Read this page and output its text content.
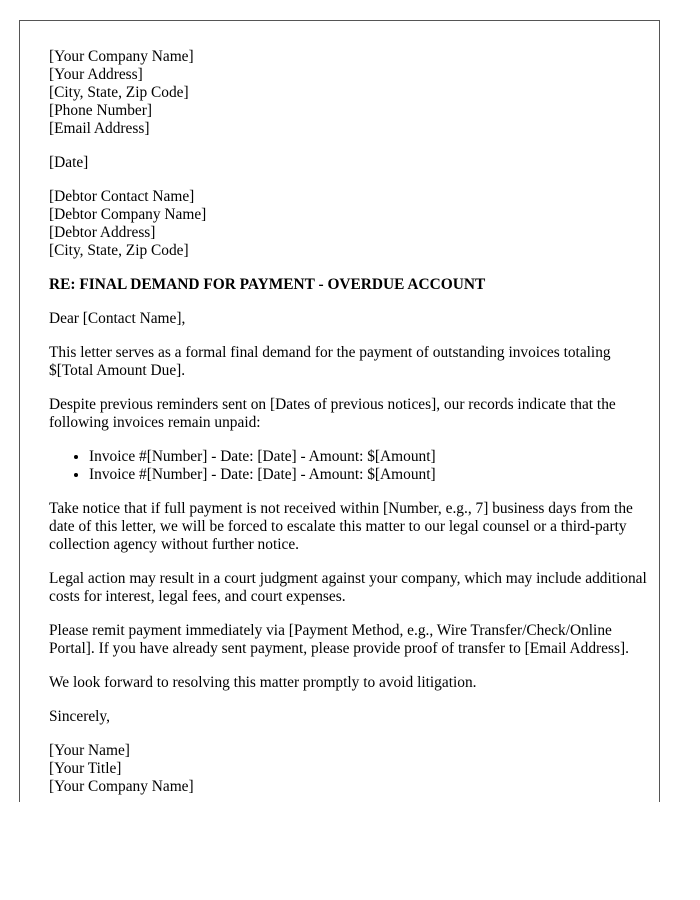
[Your Company Name]
[Your Address]
[City, State, Zip Code]
[Phone Number]
[Email Address]

[Date]

[Debtor Contact Name]
[Debtor Company Name]
[Debtor Address]
[City, State, Zip Code]

RE: FINAL DEMAND FOR PAYMENT - OVERDUE ACCOUNT

Dear [Contact Name],

This letter serves as a formal final demand for the payment of outstanding invoices totaling $[Total Amount Due].

Despite previous reminders sent on [Dates of previous notices], our records indicate that the following invoices remain unpaid:

• Invoice #[Number] - Date: [Date] - Amount: $[Amount]
• Invoice #[Number] - Date: [Date] - Amount: $[Amount]

Take notice that if full payment is not received within [Number, e.g., 7] business days from the date of this letter, we will be forced to escalate this matter to our legal counsel or a third-party collection agency without further notice.

Legal action may result in a court judgment against your company, which may include additional costs for interest, legal fees, and court expenses.

Please remit payment immediately via [Payment Method, e.g., Wire Transfer/Check/Online Portal]. If you have already sent payment, please provide proof of transfer to [Email Address].

We look forward to resolving this matter promptly to avoid litigation.

Sincerely,

[Your Name]
[Your Title]
[Your Company Name]
